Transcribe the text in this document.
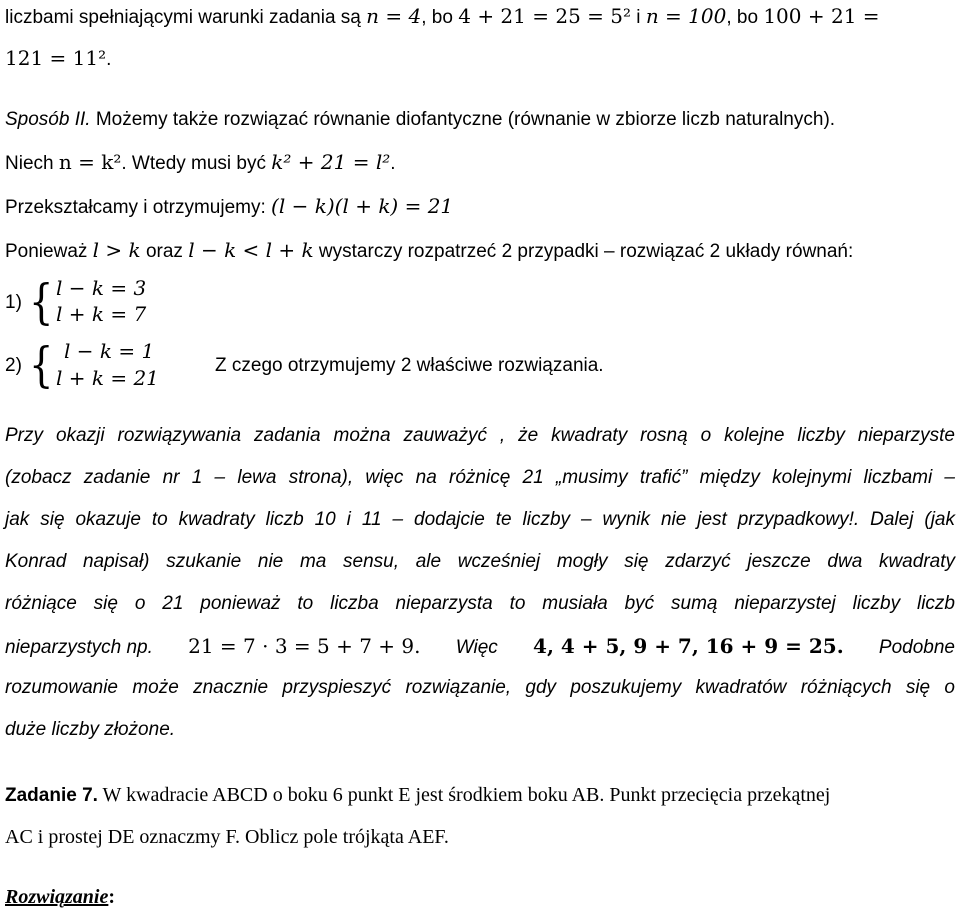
liczbami spełniającymi warunki zadania są n = 4, bo 4 + 21 = 25 = 5² i n = 100, bo 100 + 21 =
121 = 11².
Sposób II. Możemy także rozwiązać równanie diofantyczne (równanie w zbiorze liczb naturalnych).
Niech n = k². Wtedy musi być k² + 21 = l².
Przekształcamy i otrzymujemy: (l − k)(l + k) = 21
Ponieważ l > k oraz l − k < l + k wystarczy rozpatrzeć 2 przypadki – rozwiązać 2 układy równań:
1) { l − k = 3
l + k = 7
2) { l − k = 1
l + k = 21
Z czego otrzymujemy 2 właściwe rozwiązania.
Przy okazji rozwiązywania zadania można zauważyć , że kwadraty rosną o kolejne liczby nieparzyste
(zobacz zadanie nr 1 – lewa strona), więc na różnicę 21 „musimy trafić” między kolejnymi liczbami –
jak się okazuje to kwadraty liczb 10 i 11 – dodajcie te liczby – wynik nie jest przypadkowy!. Dalej (jak
Konrad napisał) szukanie nie ma sensu, ale wcześniej mogły się zdarzyć jeszcze dwa kwadraty
różniące się o 21 ponieważ to liczba nieparzysta to musiała być sumą nieparzystej liczby liczb
nieparzystych np. 21 = 7 · 3 = 5 + 7 + 9. Więc 4, 4 + 5, 9 + 7, 16 + 9 = 25. Podobne
rozumowanie może znacznie przyspieszyć rozwiązanie, gdy poszukujemy kwadratów różniących się o
duże liczby złożone.
Zadanie 7. W kwadracie ABCD o boku 6 punkt E jest środkiem boku AB. Punkt przecięcia przekątnej
AC i prostej DE oznaczmy F. Oblicz pole trójkąta AEF.
Rozwiązanie:
